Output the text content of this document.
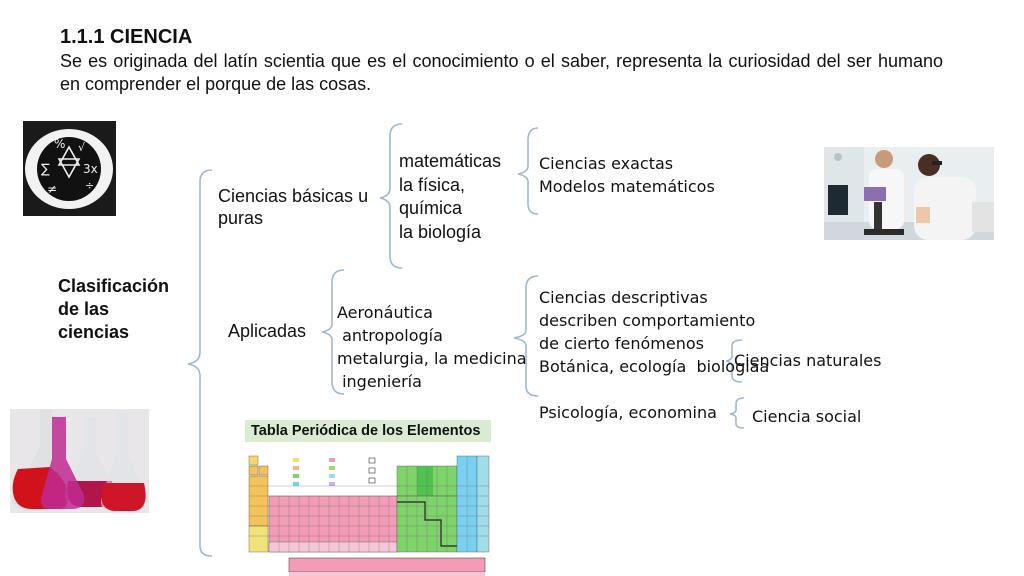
1.1.1 CIENCIA

Se es originada del latín scientia que es el conocimiento o el saber, representa la curiosidad del ser humano en comprender el porque de las cosas.

% √
∑	3x
÷
≠
Tabla Periódica de los Elementos
Clasificación
de las
ciencias
Ciencias básicas u
puras
matemáticas
la física,
química
la biología
Ciencias exactas
Modelos matemáticos
Aplicadas
Aeronáutica
antropología
metalurgia, la medicina
ingeniería
Ciencias descriptivas
describen comportamiento
de cierto fenómenos
Botánica, ecología  biologiaa
Ciencias naturales
Psicología, economina Ciencia social
